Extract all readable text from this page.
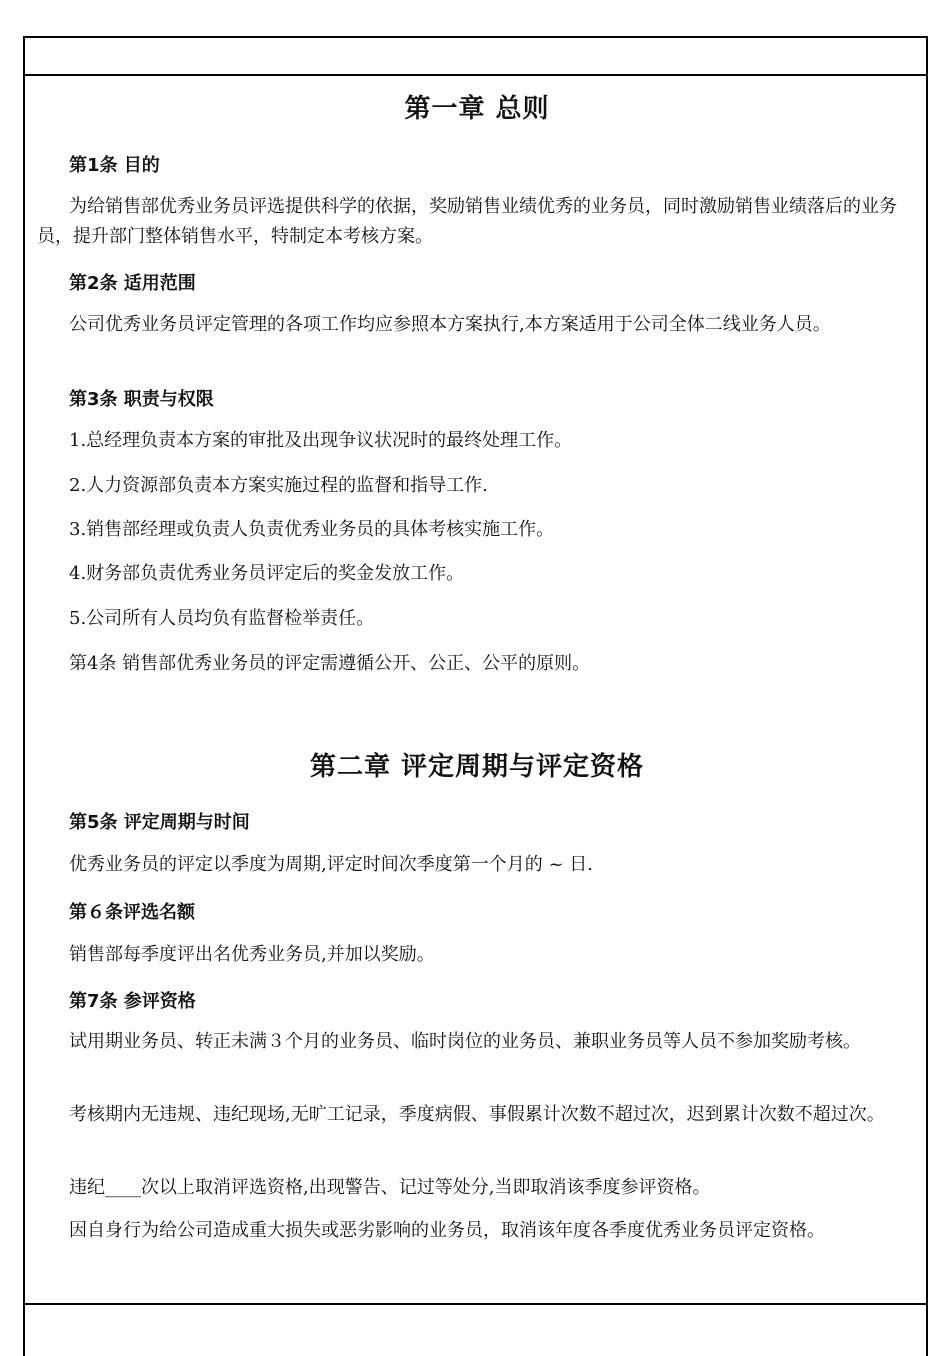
第一章 总则

第1条 目的

为给销售部优秀业务员评选提供科学的依据，奖励销售业绩优秀的业务员，同时激励销售业绩落后的业务员，提升部门整体销售水平，特制定本考核方案。

第2条 适用范围

公司优秀业务员评定管理的各项工作均应参照本方案执行,本方案适用于公司全体二线业务人员。

第3条 职责与权限

1.总经理负责本方案的审批及出现争议状况时的最终处理工作。

2.人力资源部负责本方案实施过程的监督和指导工作.

3.销售部经理或负责人负责优秀业务员的具体考核实施工作。

4.财务部负责优秀业务员评定后的奖金发放工作。

5.公司所有人员均负有监督检举责任。

第4条 销售部优秀业务员的评定需遵循公开、公正、公平的原则。

第二章 评定周期与评定资格

第5条 评定周期与时间

优秀业务员的评定以季度为周期,评定时间次季度第一个月的 ~ 日.

第６条评选名额

销售部每季度评出名优秀业务员,并加以奖励。

第7条 参评资格

试用期业务员、转正未满３个月的业务员、临时岗位的业务员、兼职业务员等人员不参加奖励考核。

考核期内无违规、违纪现场,无旷工记录，季度病假、事假累计次数不超过次，迟到累计次数不超过次。

违纪____次以上取消评选资格,出现警告、记过等处分,当即取消该季度参评资格。

因自身行为给公司造成重大损失或恶劣影响的业务员，取消该年度各季度优秀业务员评定资格。
